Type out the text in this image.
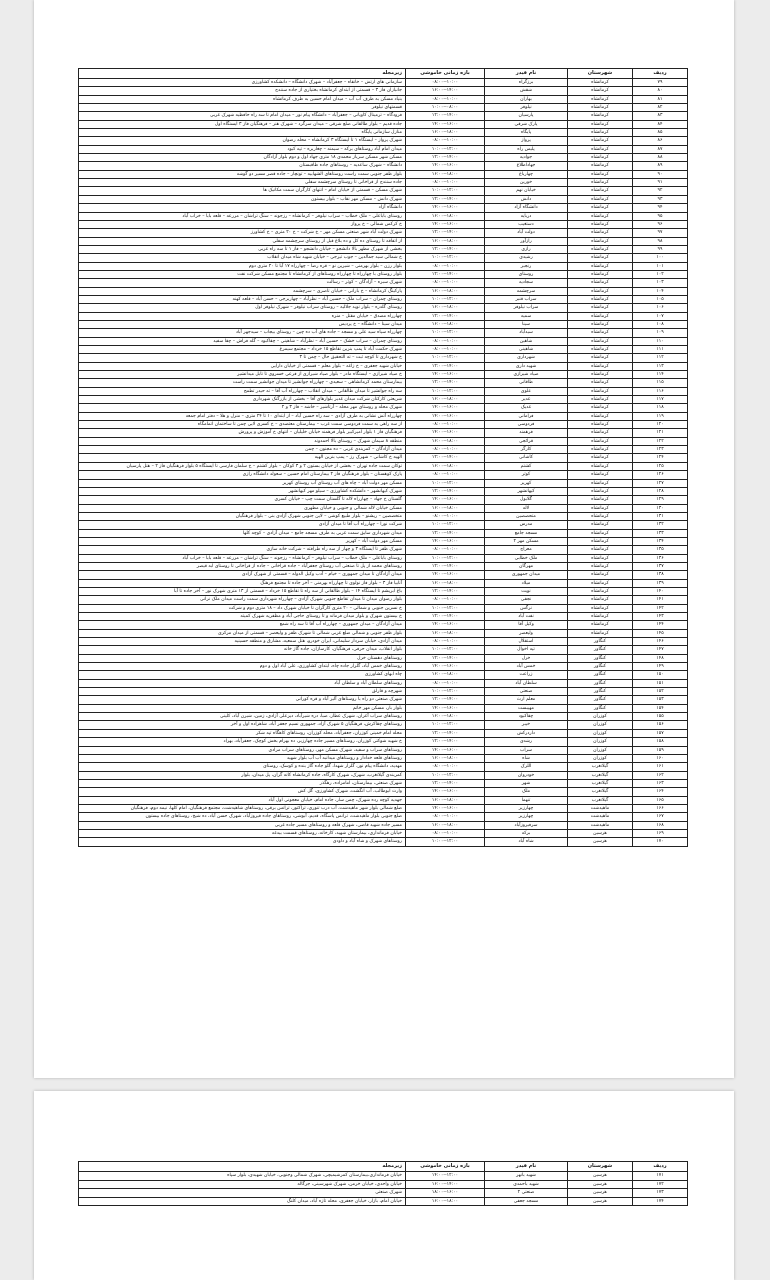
ردیف	شهرستان	نام فیدر	بازه زمانی خاموشی	زیرمجله
۷۹	کرمانشاه	برزگراه	۱۰:۰۰--۰۸:۰۰	سازمانی های ارتش – خانقاه – جعفرآباد – شهرک دانشگاه – دانشکده کشاورزی
۸۰	کرمانشاه	شقش	۱۴:۰۰--۱۶:۰۰	جانبازان فاز ۳ – قسمتی از ابتدای کرمانشاه بختیاری از جاده سنندج
۸۱	کرمانشاه	بهاران	۱۰:۰۰--۰۸:۰۰	بنیاد مسکن به طرف آب آب – میدان امام حسین به طرف کرمانشاه
۸۲	کرمانشاه	نیلوفر	۰۸:۰۰--۱۰:۰۰	قسمتهای نیلوفر
۸۳	کرمانشاه	پارسیان	۱۴:۰۰--۱۲:۰۰	فرودگاه – ترمینال کاویانی – جعفرآباد – دانشگاه پیام نور – میدان امام تا سه راه حافظیه شهرک غربی
۸۴	کرمانشاه	پارک شرقی	۱۶:۰۰--۱۴:۰۰	جاده قدیم – بلوار طالقانی ضلع شرقی – میدان سرگرد – شهرک هنر – فرهنگیان فاز ۳ ایستگاه اول
۸۵	کرمانشاه	پایگاه	۱۸:۰۰--۱۶:۰۰	منازل سازمانی پایگاه
۸۶	کرمانشاه	پرواز	۱۰:۰۰--۰۸:۰۰	شهرک پرواز – ایستگاه ۱ تا ایستگاه ۳ کرمانشاه – محله رضوان
۸۷	کرمانشاه	پلیس راه	۱۲:۰۰--۱۰:۰۰	میدان امام آباد روستاهای برکه – سیمنه – چغاربره – تپه کبود
۸۸	کرمانشاه	جوادیه	۱۴:۰۰--۱۲:۰۰	مسکن شهر مسکن سرباز محمدی ۱۸ متری جهاد اول و دوم بلوار آزادگان
۸۹	کرمانشاه	جهاداطلاع	۱۶:۰۰--۱۴:۰۰	دانشگاه – شهرک ساعدیه – روستاهای جاده طاقبستان
۹۰	کرمانشاه	چهارباغ	۱۸:۰۰--۱۶:۰۰	بلوار ظفر جنوبی سمت راست روستاهای الشهابیه – تونچار – جاده قصر مسیر دو گوشه
۹۱	کرمانشاه	خورین	۱۰:۰۰--۰۸:۰۰	جاده سنندج از قراخانی تا روستای سرچشمه سفلی
۹۲	کرمانشاه	خیابان نهم	۱۲:۰۰--۱۰:۰۰	شهرک مسکن – قسمتی از خیابان امام – انتهای کارگران سمت مکانیک ها
۹۳	کرمانشاه	دانش	۱۴:۰۰--۱۲:۰۰	شهرک دانش – مسکن مهر نقاب – بلوار بیستون
۹۴	کرمانشاه	دانشگاه آزاد	۱۶:۰۰--۱۴:۰۰	دانشگاه آزاد
۹۵	کرمانشاه	دربایه	۱۸:۰۰--۱۶:۰۰	روستای باباعلی – ملک خطاب – سراب نیلوفر – کرمانشاه – رزجوند – سنگ تراشان – مزرعه – قلعه بابا – خراب آباد
۹۶	کرمانشاه	دستغیب	۱۶:۰۰--۱۴:۰۰	خ کرکس شمالی – خ پرواز
۹۷	کرمانشاه	دولت آباد	۱۴:۰۰--۱۲:۰۰	شهرک دولت آباد شهر صنعتی مسکن مهر – خ شرکت – خ ۲۰ متری – خ کشاورز
۹۸	کرمانشاه	رازآور	۱۸:۰۰--۱۶:۰۰	از اتفاقه تا روستای ده کل و ده بلاغ قبل از روستای سرچشمه سفلی
۹۹	کرمانشاه	رازی	۱۴:۰۰--۱۲:۰۰	بخشی از شهرک مطهر بالا دانشجو – خیابان دانشجو – فاز ۱ تا سه راه غربی
۱۰۰	کرمانشاه	رشیدی	۱۲:۰۰--۱۰:۰۰	خ شمالی سید جمالدین – جوب تیرجی – خیابان شهید شاه میدان انقلاب
۱۰۱	کرمانشاه	رنجبر	۱۰:۰۰--۰۸:۰۰	بلوار رزن – بلوار بهرمنی – شیرین نو – قره رضا – چهارراه ۱۷ آبا تا ۲۰ متری دوم
۱۰۲	کرمانشاه	روستای	۱۴:۰۰--۱۲:۰۰	بلوار روستای با چهارراه تا چهارراه روستاهای از کرمانشاه تا مجتمع مسکن شرکت نفت
۱۰۳	کرمانشاه	سجادیه	۱۰:۰۰--۰۸:۰۰	شهرک سبزه – آزادگان – کوثر – رسالت
۱۰۴	کرمانشاه	سرچشمه	۱۸:۰۰--۱۶:۰۰	پارکینگ کرمانشاه – خ بارانی – خیابان تاصری – سرچشمه
۱۰۵	کرمانشاه	سراب قنبر	۱۲:۰۰--۱۰:۰۰	روستای چمران – سراب ملک – حسین آباد – نظرآباد – چهاربرجی – حسن آباد – قلعه کهنه
۱۰۶	کرمانشاه	سراب نیلوفر	۱۸:۰۰--۱۶:۰۰	روستای گلدره – بلوار نوید جلالیه – روستای سراب نیلوفر – شهرک نیلوفر اول
۱۰۷	کرمانشاه	سمیه	۱۴:۰۰--۱۲:۰۰	چهارراه مصدق – خیابان مقتل – منزه
۱۰۸	کرمانشاه	سینا	۱۸:۰۰--۱۶:۰۰	میدان سینا – دانشگاه – خ پردیس
۱۰۹	کرمانشاه	سیدآباد	۱۲:۰۰--۱۰:۰۰	چهارراه سیاه سید علی و مسجد – جاده های آب ده چین – روستای بیجاب – سیدجهر آباد
۱۱۰	کرمانشاه	شاهین	۱۰:۰۰--۰۸:۰۰	روستای چمران – سراب خشک – حسین آباد – نظرآباد – شاهینی – چقاکبود – گله فراش – چقا سفید
۱۱۱	کرمانشاه	شاهینی	۱۰:۰۰--۰۸:۰۰	شهرک حکمت آباد تا پمپ بنزین تقاطع ۱۵ خرداد – مجتمع سیمرغ
۱۱۲	کرمانشاه	شهرداری	۱۲:۰۰--۱۰:۰۰	خ شهرداری تا کوچه ثبت – ته التحقیق حال – چمن تا ۳
۱۱۳	کرمانشاه	شهید داری	۱۴:۰۰--۱۲:۰۰	خیابان شهید جعفری – خ زاغه – بلوار معلم – قسمتی از خیابان دارایی
۱۱۴	کرمانشاه	صیاد شیرازی	۱۶:۰۰--۱۴:۰۰	خ صیاد شیرازی – ایستگاه مادر – بلوار صیاد شیرازی از فرعی خسروی تا تابل میدانشیر
۱۱۵	کرمانشاه	طاقانی	۱۴:۰۰--۱۲:۰۰	بیمارستان محمد کرمانشاهی – سعیدی – چهارراه جوانشیر تا میدان جوانشیر سمت راست
۱۱۶	کرمانشاه	علوی	۱۲:۰۰--۱۰:۰۰	سه راه جوانشیر تا میدان طالقانی – میدان انقلاب – چهارراه آب آقا – ته حیدر تطمح
۱۱۷	کرمانشاه	غدیر	۱۸:۰۰--۱۶:۰۰	شریعتی کارکنان شرکت میدان غدیر بلوارهای آقا – بخشی از بازرگنک شهرداری
۱۱۸	کرمانشاه	غدیک	۱۶:۰۰--۱۴:۰۰	شهرک محله و روستای مهر محله – آرتاشیر – خاشه – فاز ۳ و ۲
۱۱۹	کرمانشاه	فرامانی	۱۶:۰۰--۱۴:۰۰	چهارراه آتش نشانی به طرف آزادی – سه راه حسین آباد – از ابتدای ۱۰ تا ۲۴ متری – منزل و هلا – دفتر امام جمعه
۱۲۰	کرمانشاه	فردوسی	۱۰:۰۰--۰۸:۰۰	از سه راهی به سمت فردوسی سمت غرب – بیمارستان معتضدی – خ کسری لایی چمن تا ساختمان اتمامگاه
۱۲۱	کرمانشاه	فرهمند	۱۶:۰۰--۱۴:۰۰	فرهنگیان فاز ۱ بلوار امیرکبیر بلوار فرهمند خیابان خلیلیان – انتهای خ آموزش و پرورش
۱۲۲	کرمانشاه	قرائجی	۱۸:۰۰--۱۶:۰۰	منطقه ۸ سیمان شهرک – روستای بالا احمدوند
۱۲۳	کرمانشاه	کارگر	۱۰:۰۰--۰۸:۰۰	میدان آزادگان – کمربندی غربی – ده مجنون – چمن
۱۲۴	کرمانشاه	کاشانی	۱۴:۰۰--۱۲:۰۰	الهیه خ کاشانی – شهرک رز – پمپ بنزین الهیه
۱۲۵	کرمانشاه	کشتم	۱۸:۰۰--۱۶:۰۰	توکان سمت جاده تهران – بخشی از خیابان بستون ۲ و ۳ کوکان – بلوار کشتم – خ سلمان فارسی تا ایستگاه ۵ بلوار فرهنگیان فاز ۲ – هتل پارسیان
۱۲۶	کرمانشاه	کوثر	۱۰:۰۰--۰۸:۰۰	پارک کوهستان – بلوار فرهنگیان فاز ۲ بیمارستان امام حسین – سعولد دانشگاه رازی
۱۲۷	کرمانشاه	کهریز	۱۲:۰۰--۱۰:۰۰	مسکن مهر دولت آباد – چاه های آب روستای آب روستای کهریز
۱۲۸	کرمانشاه	کیهانشهر	۱۴:۰۰--۱۲:۰۰	شهرک کیهانشهر – دانشکده کشاورزی – سیلو مهر کیهانشهر
۱۲۹	کرمانشاه	گلابول	۱۶:۰۰--۱۴:۰۰	گلستان خ جهاد – چهارراه لاله تا گلستان سمت چپ – خیابان کسری
۱۳۰	کرمانشاه	لاله	۱۸:۰۰--۱۶:۰۰	مسکن خیابان لاله شمالی و جنوبی و خیابان مطهری
۱۳۱	کرمانشاه	متحصصین	۱۰:۰۰--۰۸:۰۰	متخصصین – ریشنو – بلوار طبیع کوشی – لاین جنوبی شهرک آزادی بنی – بلوار فرهنگیان
۱۳۲	کرمانشاه	مدرس	۱۲:۰۰--۱۰:۰۰	شرکت نورا – چهارراه آب آقا تا میدان آزادی
۱۳۳	کرمانشاه	مسجد جامع	۱۴:۰۰--۱۲:۰۰	میدان شهرداری سایق سمت غربی به طرف مسجد جامع – میدان آزادی – کوچه کلها
۱۳۴	کرمانشاه	مسکن مهر ۲	۱۶:۰۰--۱۴:۰۰	مسکن مهر دولت آباد – کهریز
۱۳۵	کرمانشاه	معراج	۱۰:۰۰--۰۸:۰۰	شهرک ظفر تا ایستگاه ۳ و چهار از سه راه طرافته – شرکت خانه سازی
۱۳۶	کرمانشاه	ملک خطابی	۱۲:۰۰--۱۰:۰۰	روستای باباعلی – ملک خطاب – سراب نیلوفر – کرمانشاه – رزجوند – سنگ تراشان – مزرعه – قلعه بابا – خراب آباد
۱۳۷	کرمانشاه	مهرگان	۱۴:۰۰--۱۲:۰۰	روستاهای محمد از پل تا صنعتی آب روستای جعفرآباد – جاده قراخانی – جاده از قراخانی تا روستای ابه قیصر
۱۳۸	کرمانشاه	میدان جمهوری	۱۶:۰۰--۱۴:۰۰	میدان آزادگان تا میدان جمهوری – خیام – آدب وکیل الدوله – قسمتی از شهرک آزادی
۱۳۹	کرمانشاه	میلاد	۱۸:۰۰--۱۶:۰۰	آتابیا فاز ۳ – بلوار فاز نولوی تا چهارراه بهرمنی – آخر جاده تا مجتمع فرهنگ
۱۴۰	کرمانشاه	نوبت	۱۴:۰۰--۱۲:۰۰	باغ ابریشم تا ایستگاه ۱۴ – بلوار طالقانی از سه راه تا تقاطع ۱۵ خرداد – قسمتی از ۱۳ متری شهرک نور – آخر جاده تا آبا
۱۴۱	کرمانشاه	نجفی	۱۰:۰۰--۰۸:۰۰	بلوار رضوان میدان تا میدان تقاطع جنوبی شهرک آزادی – چهارراه شهرداری سمت راست میدان ملک نرانی
۱۴۲	کرمانشاه	نرگس	۱۲:۰۰--۱۰:۰۰	خ نسرین جنوبی و شمالی – ۲۰ متری کارگران تا خیابان شهرک داد – ۱۸ متری دوم و شرکت
۱۴۳	کرمانشاه	نفت آباد	۱۴:۰۰--۱۲:۰۰	خ بیستون شهرک و بلوار میدان فرماند و تا روستای حاجی آباد و مظفریه شهرک کمیته
۱۴۴	کرمانشاه	وکیل آقا	۱۶:۰۰--۱۴:۰۰	میدان آزادگان – میدان جمهوری – چهارراه آب آقا تا سه راه شمع
۱۴۵	کرمانشاه	ولیعصر	۱۸:۰۰--۱۶:۰۰	بلوار ظفر جنوبی و شمالی ضلع غربی شمالی تا شهرک ظفر و ولیعصر – قسمتی از میدان مرکزی
۱۴۶	کنگاور	استقلال	۱۰:۰۰--۰۸:۰۰	میدان آزادی، خیابان سردار سلیمانی، ایران خودرو، هتل سمعیه، مشارق و منطقه حسینیه
۱۴۷	کنگاور	تپه اخوال	۱۲:۰۰--۱۰:۰۰	بلوار انقلاب، میدان حرفی، فرهنگیان، کارسازان، جاده گاز خانه
۱۴۸	کنگاور	خزل	۱۴:۰۰--۱۲:۰۰	روستاهای دهستان خزل
۱۴۹	کنگاور	خمس آباد	۱۶:۰۰--۱۴:۰۰	روستاهای خمس آباد، گلزار جاده چاه، ابتدای کشاورزی، علی آباد اول و دوم
۱۵۰	کنگاور	زراعت	۱۸:۰۰--۱۶:۰۰	چاه ابهای کشاورزی
۱۵۱	کنگاور	سلطان آباد	۱۰:۰۰--۰۸:۰۰	روستاهای سلطان آباد و سلطان آباد
۱۵۲	کنگاور	صنعتی	۱۲:۰۰--۱۰:۰۰	شهرچه و قارلق
۱۵۳	کنگاور	معلم ارث	۱۴:۰۰--۱۲:۰۰	شهرک صنعتی دو راه با روستاهای آلیز آباد و قره کورانی
۱۵۴	کنگاور	مهیبست	۱۶:۰۰--۱۴:۰۰	بلوار بار، مسکن مهر خاتم
۱۵۵	کوزران	چقاکبود	۱۸:۰۰--۱۶:۰۰	روستاهای سراب آغران، شهرک عطار، صبا، دره شیرآباد، دیزعلی آزادی، زمین، شیرن آباد، کلینی
۱۵۶	کوزران	خیبر	۱۲:۰۰--۱۰:۰۰	روستاهای چقاکرش، فرهنگیان ۵ شهرک آزاد، جمهوری نسیم جعفر آباد، شاهزاده اول و آخر
۱۵۷	کوزران	داردرکش	۱۴:۰۰--۱۲:۰۰	محله امام خمینی کوزران، جعفرآباد، محله کوزران، روستاهای کاهگاه تپه شکر
۱۵۸	کوزران	رشدی	۱۴:۰۰--۱۲:۰۰	خ شهید شوکتی کوزران، روستاهای مسیر جاده چهارزبر، ده بهرام بخش کوچک، جعفرآباد، بهزاد
۱۵۹	کوزران	سراب	۱۶:۰۰--۱۴:۰۰	روستاهای سراب و سفید، شهرک مسکن مهر، روستاهای سراب مرادی
۱۶۰	کوزران	شاه	۱۸:۰۰--۱۶:۰۰	روستاهای قلعه خدادار و روستاهای میدانبه آب آب بلوار شهید
۱۶۱	گیلانغرب	اللرک	۱۰:۰۰--۰۸:۰۰	مهدیه، دانشگاه پیام نور، گلزار شهدا، گلو جاده گاز بنده و کوسک، روستای
۱۶۲	گیلانغرب	خودروان	۱۲:۰۰--۱۰:۰۰	کمربندی گیلانغرب، شهرک، شهرک کارگاه، جاده کرمانشاه کانه گران، پل میدان، بلوار
۱۶۳	گیلانغرب	شهر	۱۴:۰۰--۱۲:۰۰	شهرک صنعتی، بیمارستان، امامزاده، رهگذر
۱۶۴	گیلانغرب	ملک	۱۶:۰۰--۱۴:۰۰	وارث ابوطالب، آب انگشت، شهرک کشاورزی، گل کش
۱۶۵	گیلانغرب	تنهما	۱۸:۰۰--۱۶:۰۰	جهدیه کوچه رده شهرک، چمن سار، جاده امام، خیابان معجونی اول آباد
۱۶۶	ماهیدشت	چهارزبر	۱۶:۰۰--۱۴:۰۰	ضلع شمالی بلوار شهر ماهیدشت، آب درب تنوری، تراکتور، ترانس برقی، روستاهای شاهیدشت، مجتمع فرهنگیان، امام کلها، نیمه دوم، فرهنگیان
۱۶۷	ماهیدشت	چهارزبر	۱۰:۰۰--۰۸:۰۰	ضلع جنوبی بلوار ماهیدشت، ترانس پاسگاه، قدیم، آبوشی، روستاهای جاده فیروزآباد، شهرک حسن آباد، ده شیخ، روستاهای جاده بیستون
۱۶۸	ماهیدشت	سرفیروزآباد	۱۸:۰۰--۱۶:۰۰	مسیر جاده شهید قاضی، شهرک قلعه و روستاهای مسیر جاده غربی
۱۶۹	هرسین	برکه	۱۰:۰۰--۰۸:۰۰	خیابان فرمانداری، بیمارستان شهید، کارخانه، روستاهای قسمت بیدغه
۱۷۰	هرسین	شاه آباد	۱۲:۰۰--۱۰:۰۰	روستاهای شهرک و شاه آباد و داودی
ردیف	شهرستان	نام فیدر	بازه زمانی خاموشی	زیرمجله
۱۷۱	هرسین	شهید بانهر	۱۲:۰۰--۱۴:۰۰	خیابان فرمانداری،بیمارستان کمرشیمیچی، شهرک شمالی وجنوبی، خیابان شهیدی، بلوار سپاه
۱۷۲	هرسین	شهید باحمدی	۱۴:۰۰--۱۶:۰۰	خیابان واحدی، خیابان خرمن، شهرک شهرسینی، جرگاله
۱۷۳	هرسین	صنعتی ۲	۱۶:۰۰--۱۸:۰۰	شهرک صنعتی
۱۷۴	هرسین	مسجد جعفی	۱۸:۰۰--۱۶:۰۰	خیابان امام، بازار، خیابان جعفری، محله تازه آباد، میدان کلنگ
